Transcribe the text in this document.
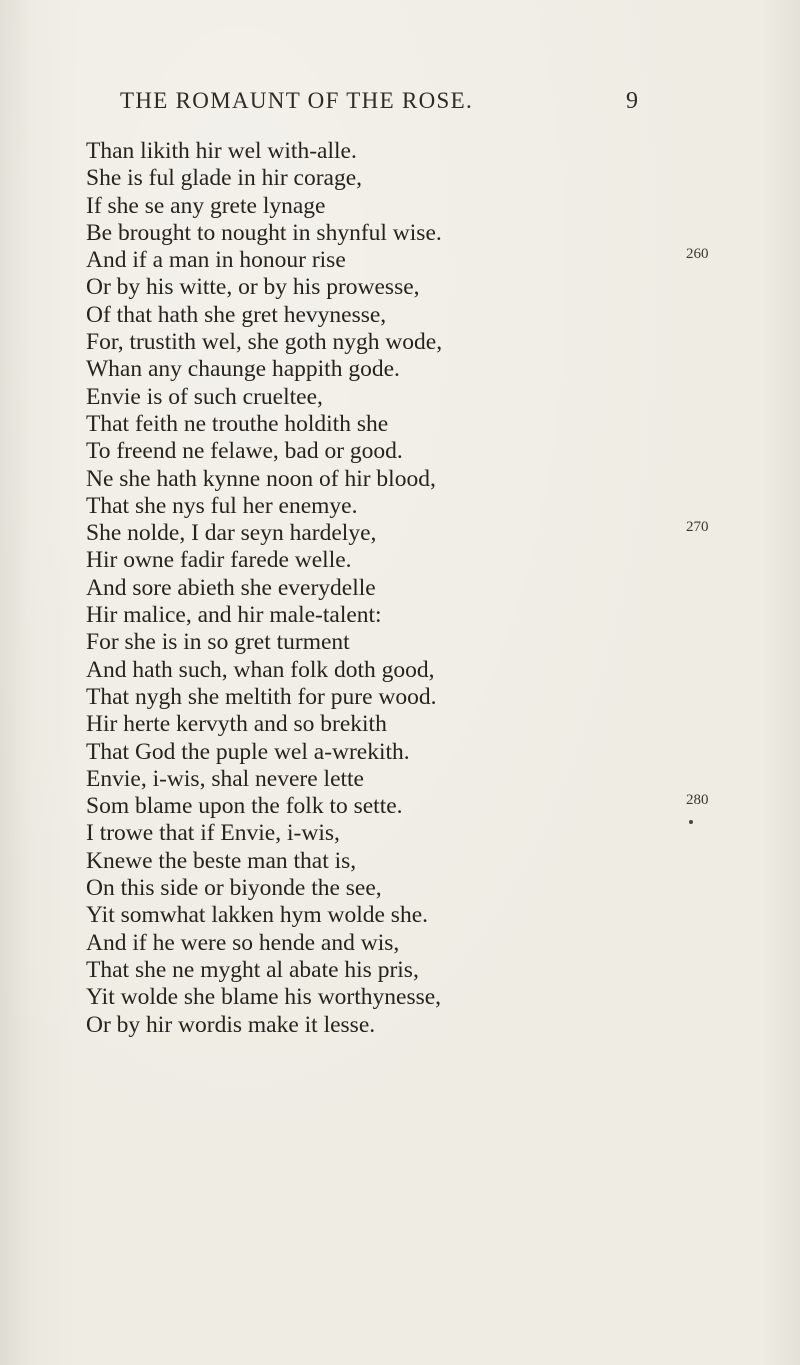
THE ROMAUNT OF THE ROSE.	9
Than likith hir wel with-alle.
She is ful glade in hir corage,
If she se any grete lynage
Be brought to nought in shynful wise.
And if a man in honour rise
Or by his witte, or by his prowesse,
Of that hath she gret hevynesse,
For, trustith wel, she goth nygh wode,
Whan any chaunge happith gode.
Envie is of such crueltee,
That feith ne trouthe holdith she
To freend ne felawe, bad or good.
Ne she hath kynne noon of hir blood,
That she nys ful her enemye.
She nolde, I dar seyn hardelye,
Hir owne fadir farede welle.
And sore abieth she everydelle
Hir malice, and hir male-talent:
For she is in so gret turment
And hath such, whan folk doth good,
That nygh she meltith for pure wood.
Hir herte kervyth and so brekith
That God the puple wel a-wrekith.
Envie, i-wis, shal nevere lette
Som blame upon the folk to sette.
I trowe that if Envie, i-wis,
Knewe the beste man that is,
On this side or biyonde the see,
Yit somwhat lakken hym wolde she.
And if he were so hende and wis,
That she ne myght al abate his pris,
Yit wolde she blame his worthynesse,
Or by hir wordis make it lesse.
260
270
280
